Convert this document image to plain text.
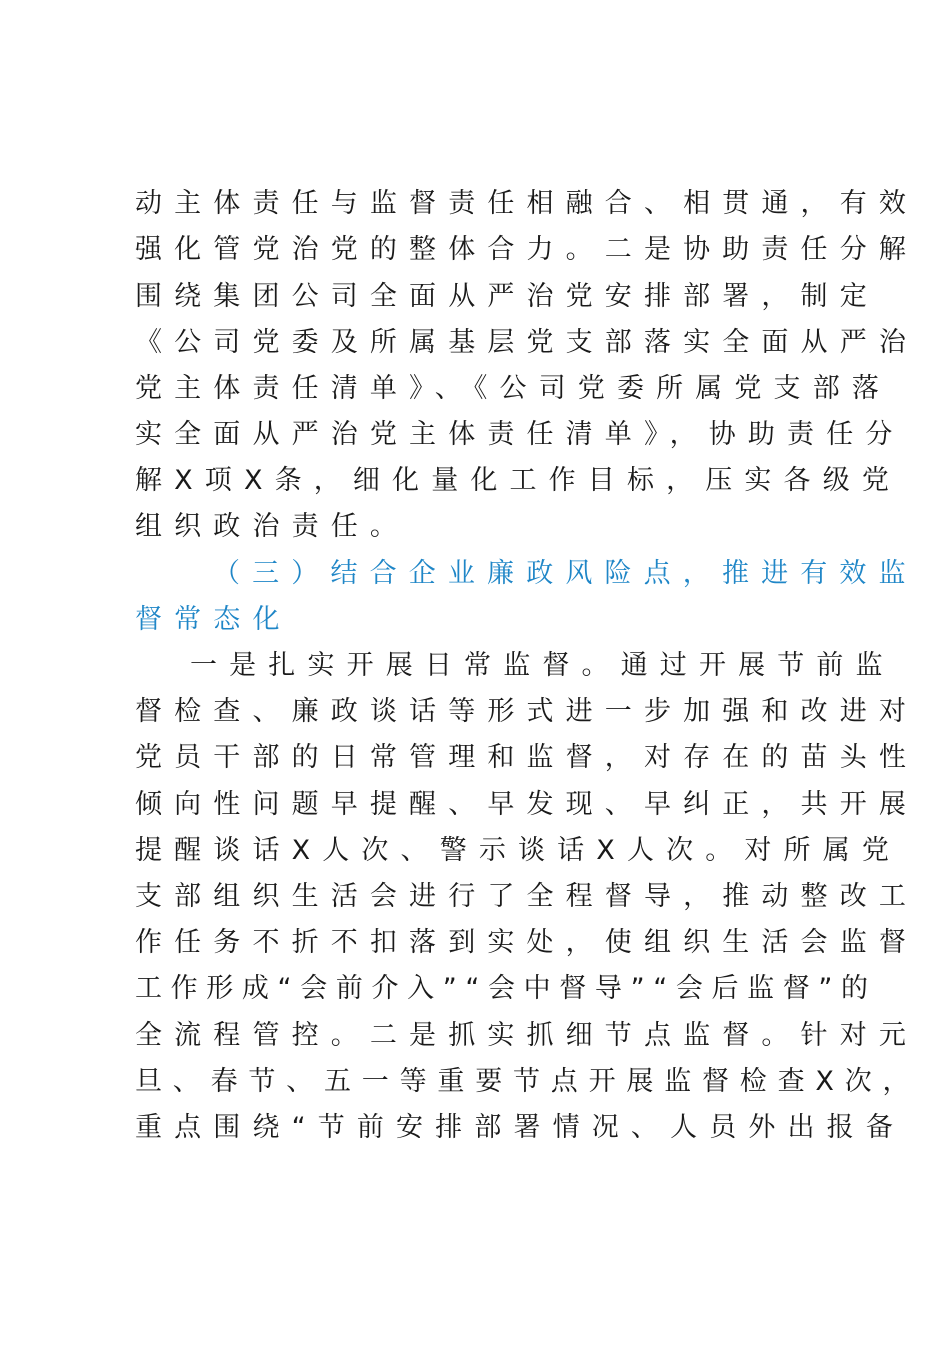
动主体责任与监督责任相融合、相贯通，有效
强化管党治党的整体合力。二是协助责任分解
围绕集团公司全面从严治党安排部署，制定
《公司党委及所属基层党支部落实全面从严治
党主体责任清单》、《公司党委所属党支部落
实全面从严治党主体责任清单》，协助责任分
解X项X条，细化量化工作目标，压实各级党
组织政治责任。
（三）结合企业廉政风险点，推进有效监
督常态化
一是扎实开展日常监督。通过开展节前监
督检查、廉政谈话等形式进一步加强和改进对
党员干部的日常管理和监督，对存在的苗头性
倾向性问题早提醒、早发现、早纠正，共开展
提醒谈话X人次、警示谈话X人次。对所属党
支部组织生活会进行了全程督导，推动整改工
作任务不折不扣落到实处，使组织生活会监督
工作形成“会前介入”“会中督导”“会后监督”的
全流程管控。二是抓实抓细节点监督。针对元
旦、春节、五一等重要节点开展监督检查X次，
重点围绕“节前安排部署情况、人员外出报备
